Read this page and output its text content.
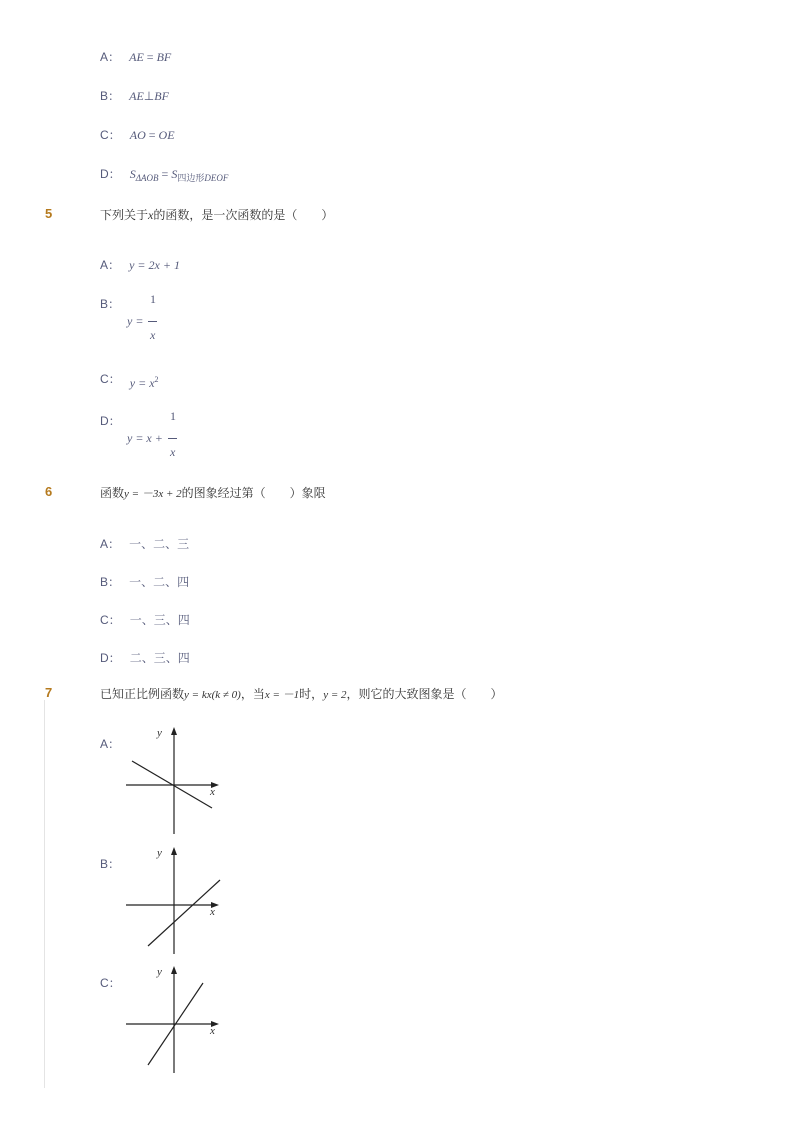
A： AE = BF
B： AE⊥BF
C： AO = OE
D： $S_{\Delta AOB} = S_{四边形DEOF}$
5	下列关于x的函数，是一次函数的是（　　）
A： y = 2x + 1
B： 1
y =
x
C： $_{y = x^2}$
D：	1
y = x +
x
6	函数y = －3x + 2的图象经过第（　　）象限
A： 一、二、三
B： 一、二、四
C： 一、三、四
D： 二、三、四
7	已知正比例函数y = kx(k ≠ 0)，当x = －1时，y = 2，则它的大致图象是（　　）
A：
y
x
B：
y
x
C：
y
x
